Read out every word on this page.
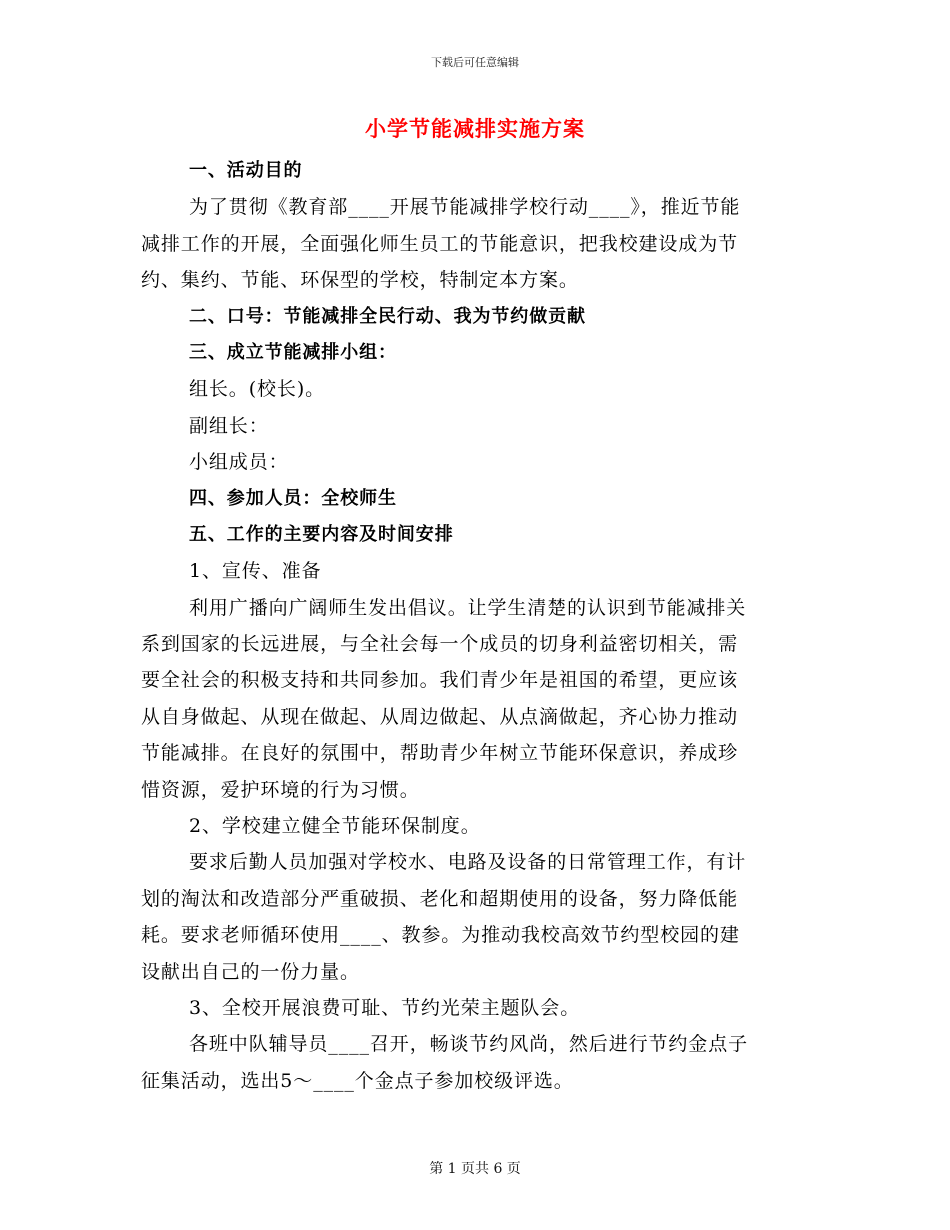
下载后可任意编辑
小学节能减排实施方案
一、活动目的
为了贯彻《教育部____开展节能减排学校行动____》，推近节能
减排工作的开展，全面强化师生员工的节能意识，把我校建设成为节
约、集约、节能、环保型的学校，特制定本方案。
二、口号：节能减排全民行动、我为节约做贡献
三、成立节能减排小组：
组长。(校长)。
副组长：
小组成员：
四、参加人员：全校师生
五、工作的主要内容及时间安排
1、宣传、准备
利用广播向广阔师生发出倡议。让学生清楚的认识到节能减排关
系到国家的长远进展，与全社会每一个成员的切身利益密切相关，需
要全社会的积极支持和共同参加。我们青少年是祖国的希望，更应该
从自身做起、从现在做起、从周边做起、从点滴做起，齐心协力推动
节能减排。在良好的氛围中，帮助青少年树立节能环保意识，养成珍
惜资源，爱护环境的行为习惯。
2、学校建立健全节能环保制度。
要求后勤人员加强对学校水、电路及设备的日常管理工作，有计
划的淘汰和改造部分严重破损、老化和超期使用的设备，努力降低能
耗。要求老师循环使用____、教参。为推动我校高效节约型校园的建
设献出自己的一份力量。
3、全校开展浪费可耻、节约光荣主题队会。
各班中队辅导员____召开，畅谈节约风尚，然后进行节约金点子
征集活动，选出5～____个金点子参加校级评选。
第 1 页共 6 页
